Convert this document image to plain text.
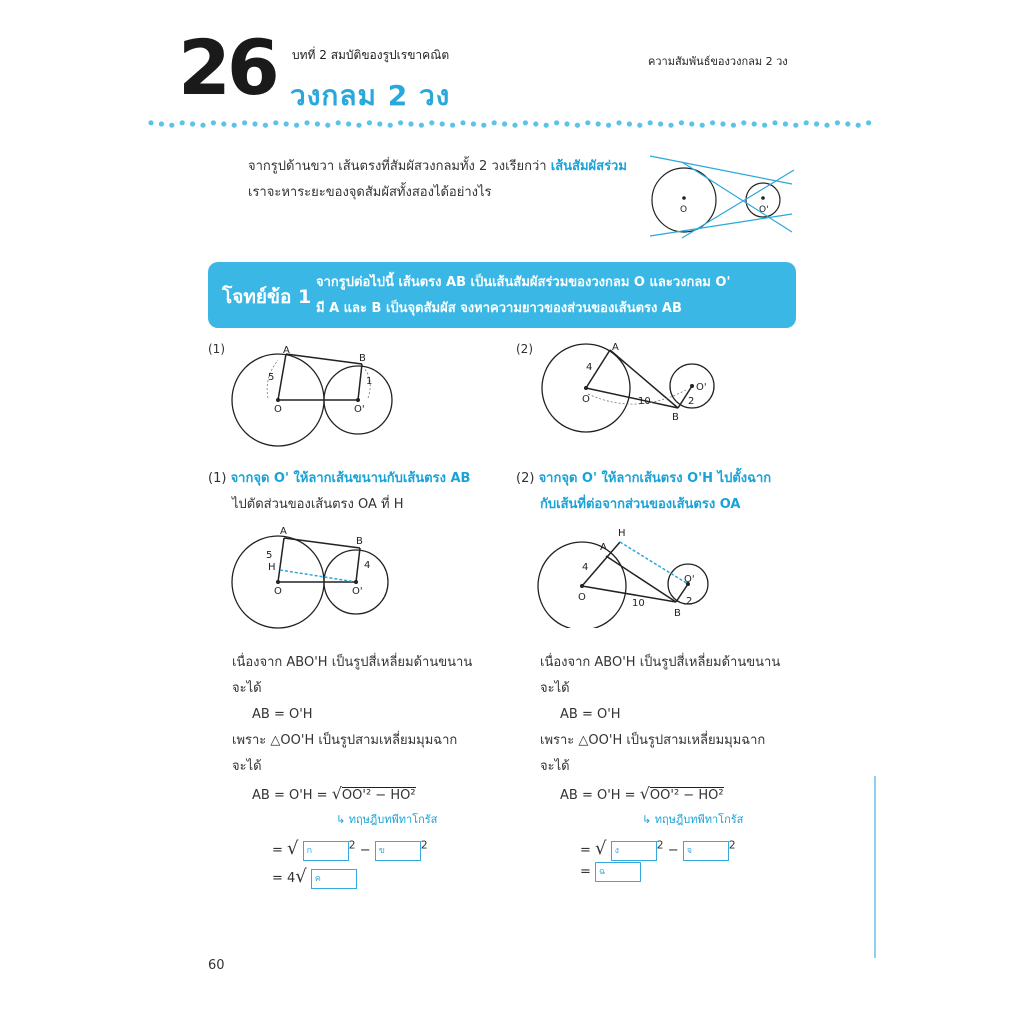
26 บทที่ 2 สมบัติของรูปเรขาคณิต
วงกลม 2 วง
ความสัมพันธ์ของวงกลม 2 วง
จากรูปด้านขวา เส้นตรงที่สัมผัสวงกลมทั้ง 2 วงเรียกว่า เส้นสัมผัสร่วม
เราจะหาระยะของจุดสัมผัสทั้งสองได้อย่างไร
O	O'
โจทย์ข้อ 1
จากรูปต่อไปนี้ เส้นตรง AB เป็นเส้นสัมผัสร่วมของวงกลม O และวงกลม O'
มี A และ B เป็นจุดสัมผัส จงหาความยาวของส่วนของเส้นตรง AB
(1)	A
B
O	O'
5	1
(2)	A
B
O
O'
4
2
10
(1) จากจุด O' ให้ลากเส้นขนานกับเส้นตรง AB
ไปตัดส่วนของเส้นตรง OA ที่ H
A
B
H
O	O'
5
4
เนื่องจาก ABO'H เป็นรูปสี่เหลี่ยมด้านขนาน
จะได้
AB = O'H
เพราะ △OO'H เป็นรูปสามเหลี่ยมมุมฉาก
จะได้
AB = O'H = √OO'² − HO²
↳ ทฤษฎีบทพีทาโกรัส
= √ ก	$^2$ − ข	$^2$
= 4√ ค
(2) จากจุด O' ให้ลากเส้นตรง O'H ไปตั้งฉาก
กับเส้นที่ต่อจากส่วนของเส้นตรง OA
A
B
H
O
O'
4
2
10
เนื่องจาก ABO'H เป็นรูปสี่เหลี่ยมด้านขนาน
จะได้
AB = O'H
เพราะ △OO'H เป็นรูปสามเหลี่ยมมุมฉาก
จะได้
AB = O'H = √OO'² − HO²
↳ ทฤษฎีบทพีทาโกรัส
= √ ง	$^2$ − จ	$^2$
= ฉ
60
